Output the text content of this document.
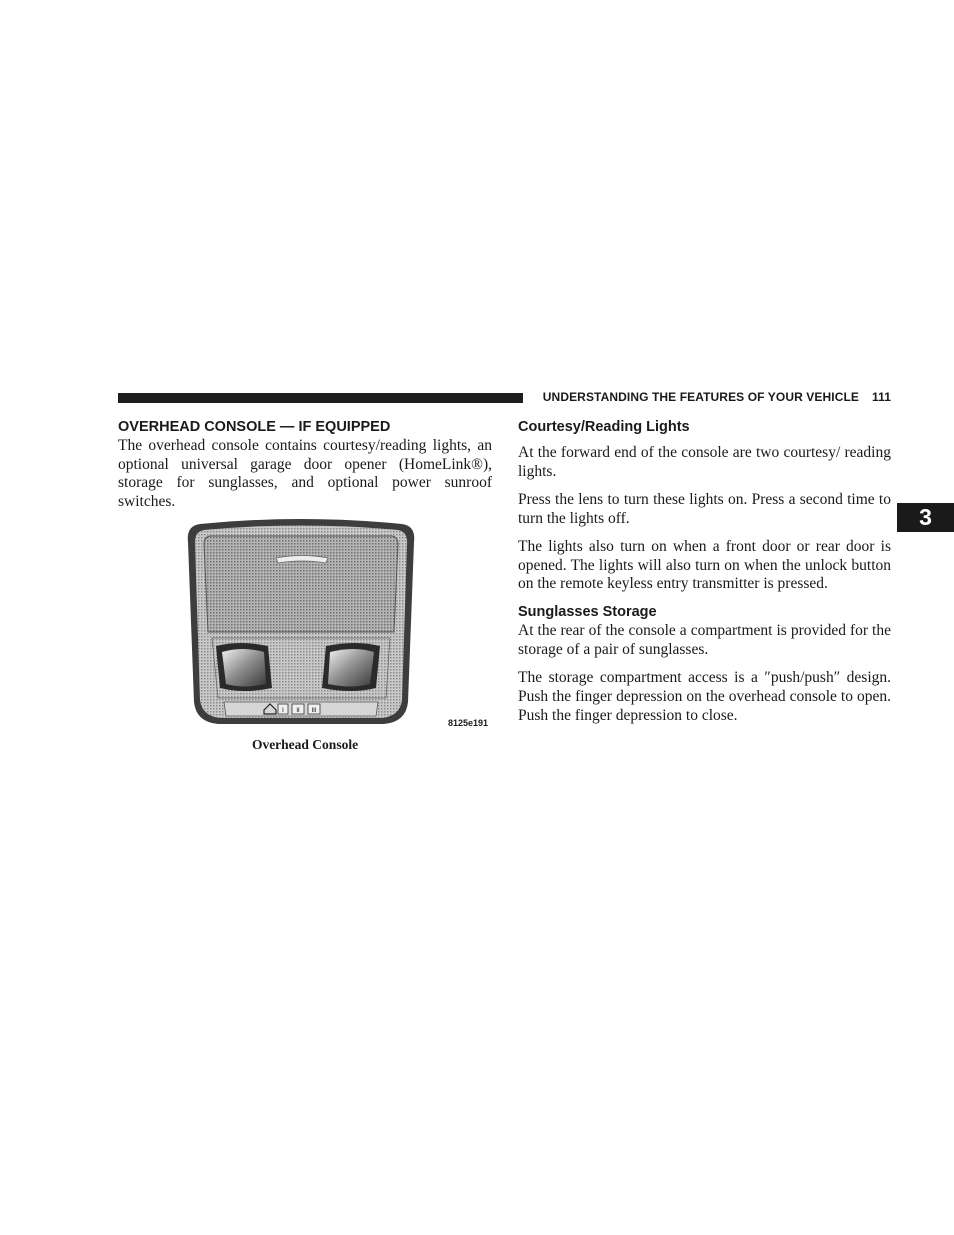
UNDERSTANDING THE FEATURES OF YOUR VEHICLE 111
3
OVERHEAD CONSOLE — IF EQUIPPED

The overhead console contains courtesy/reading lights, an optional universal garage door opener (HomeLink®), storage for sunglasses, and optional power sunroof switches.

I II III
8125e191
Overhead Console
Courtesy/Reading Lights

At the forward end of the console are two courtesy/ reading lights.

Press the lens to turn these lights on. Press a second time to turn the lights off.

The lights also turn on when a front door or rear door is opened. The lights will also turn on when the unlock button on the remote keyless entry transmitter is pressed.

Sunglasses Storage

At the rear of the console a compartment is provided for the storage of a pair of sunglasses.

The storage compartment access is a ″push/push″ design. Push the finger depression on the overhead console to open. Push the finger depression to close.
